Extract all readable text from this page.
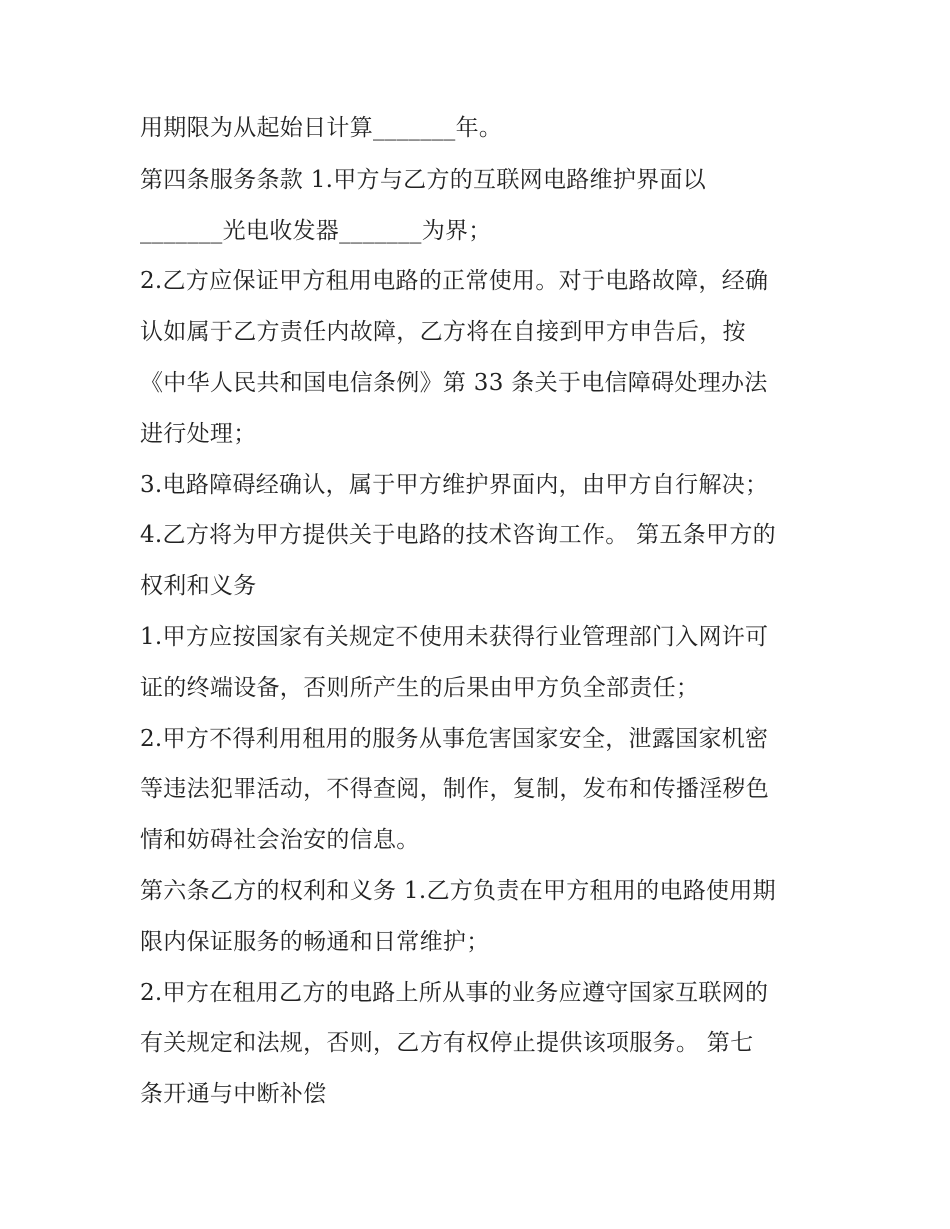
用期限为从起始日计算_______年。
第四条服务条款 1.甲方与乙方的互联网电路维护界面以
_______光电收发器_______为界；
2.乙方应保证甲方租用电路的正常使用。对于电路故障，经确
认如属于乙方责任内故障，乙方将在自接到甲方申告后，按
《中华人民共和国电信条例》第 33 条关于电信障碍处理办法
进行处理；
3.电路障碍经确认，属于甲方维护界面内，由甲方自行解决；
4.乙方将为甲方提供关于电路的技术咨询工作。 第五条甲方的
权利和义务
1.甲方应按国家有关规定不使用未获得行业管理部门入网许可
证的终端设备，否则所产生的后果由甲方负全部责任；
2.甲方不得利用租用的服务从事危害国家安全，泄露国家机密
等违法犯罪活动，不得查阅，制作，复制，发布和传播淫秽色
情和妨碍社会治安的信息。
第六条乙方的权利和义务 1.乙方负责在甲方租用的电路使用期
限内保证服务的畅通和日常维护；
2.甲方在租用乙方的电路上所从事的业务应遵守国家互联网的
有关规定和法规，否则，乙方有权停止提供该项服务。 第七
条开通与中断补偿
